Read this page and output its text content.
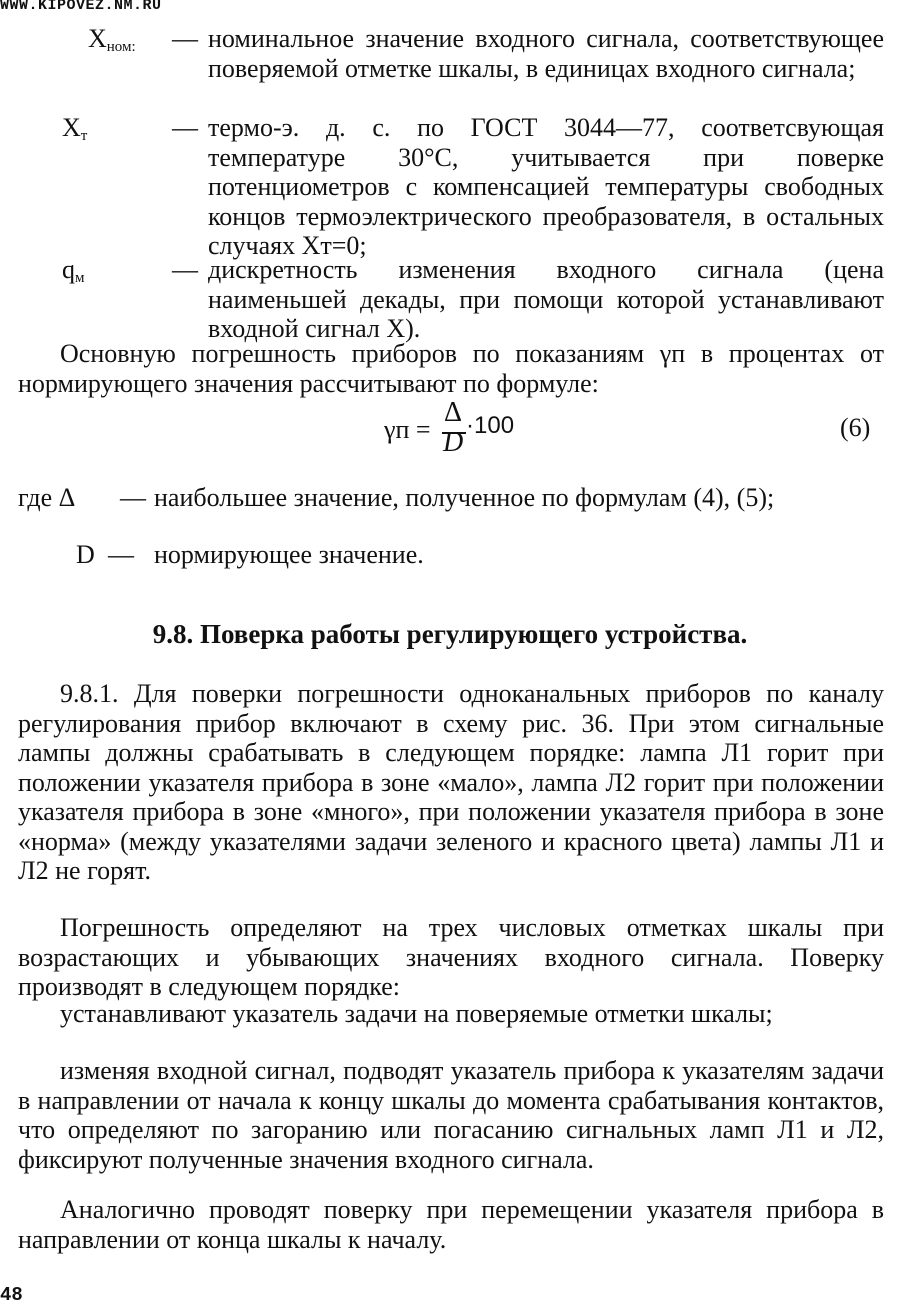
WWW.KIPOVEZ.NM.RU
$X_{ном:}$ — номинальное значение входного сигнала, соответствующее поверяемой отметке шкалы, в единицах входного сигнала;
$X_т$	— термо-э. д. с. по ГОСТ 3044—77, соответсвующая температуре 30°С, учитывается при поверке потенциометров с компенсацией температуры свободных концов термоэлектрического преобразователя, в остальных случаях Xт=0;
$q_м$	— дискретность изменения входного сигнала (цена наименьшей декады, при помощи которой устанавливают входной сигнал X).

Основную погрешность приборов по показаниям γп в процентах от нормирующего значения рассчитывают по формуле:

γп =
Δ
D
·100	(6)
где Δ — наибольшее значение, полученное по формулам (4), (5);
D — нормирующее значение.
9.8. Поверка работы регулирующего устройства.

9.8.1. Для поверки погрешности одноканальных приборов по каналу регулирования прибор включают в схему рис. 36. При этом сигнальные лампы должны срабатывать в следующем порядке: лампа Л1 горит при положении указателя прибора в зоне «мало», лампа Л2 горит при положении указателя прибора в зоне «много», при положении указателя прибора в зоне «норма» (между указателями задачи зеленого и красного цвета) лампы Л1 и Л2 не горят.

Погрешность определяют на трех числовых отметках шкалы при возрастающих и убывающих значениях входного сигнала. Поверку производят в следующем порядке:

устанавливают указатель задачи на поверяемые отметки шкалы;

изменяя входной сигнал, подводят указатель прибора к указателям задачи в направлении от начала к концу шкалы до момента срабатывания контактов, что определяют по загоранию или погасанию сигнальных ламп Л1 и Л2, фиксируют полученные значения входного сигнала.

Аналогично проводят поверку при перемещении указателя прибора в направлении от конца шкалы к началу.

48
